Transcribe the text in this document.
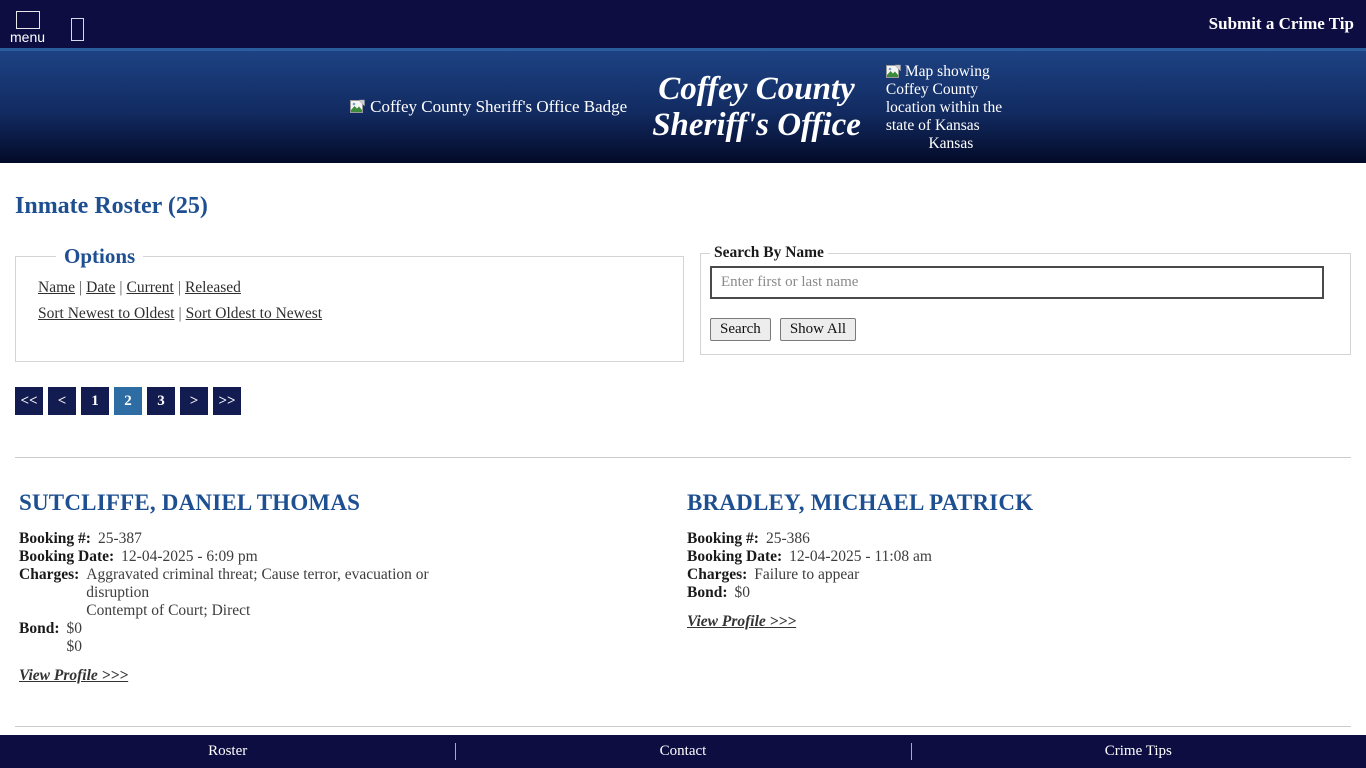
menu
Submit a Crime Tip
Coffey County Sheriff's Office Badge Coffey County
Sheriff's Office
Map showing Coffey County location within the state of Kansas
Kansas
Inmate Roster (25)
Options
Name | Date | Current | Released
Sort Newest to Oldest | Sort Oldest to Newest
Search By Name
Enter first or last name
Search	Show All
<<	<	1	2	3	>	>>
SUTCLIFFE, DANIEL THOMAS
Booking #: 25-387
Booking Date: 12-04-2025 - 6:09 pm
Charges: Aggravated criminal threat; Cause terror, evacuation or disruption
Contempt of Court; Direct
Bond: $0
$0
View Profile >>>
BRADLEY, MICHAEL PATRICK
Booking #: 25-386
Booking Date: 12-04-2025 - 11:08 am
Charges: Failure to appear
Bond: $0
View Profile >>>
Roster	Contact	Crime Tips
